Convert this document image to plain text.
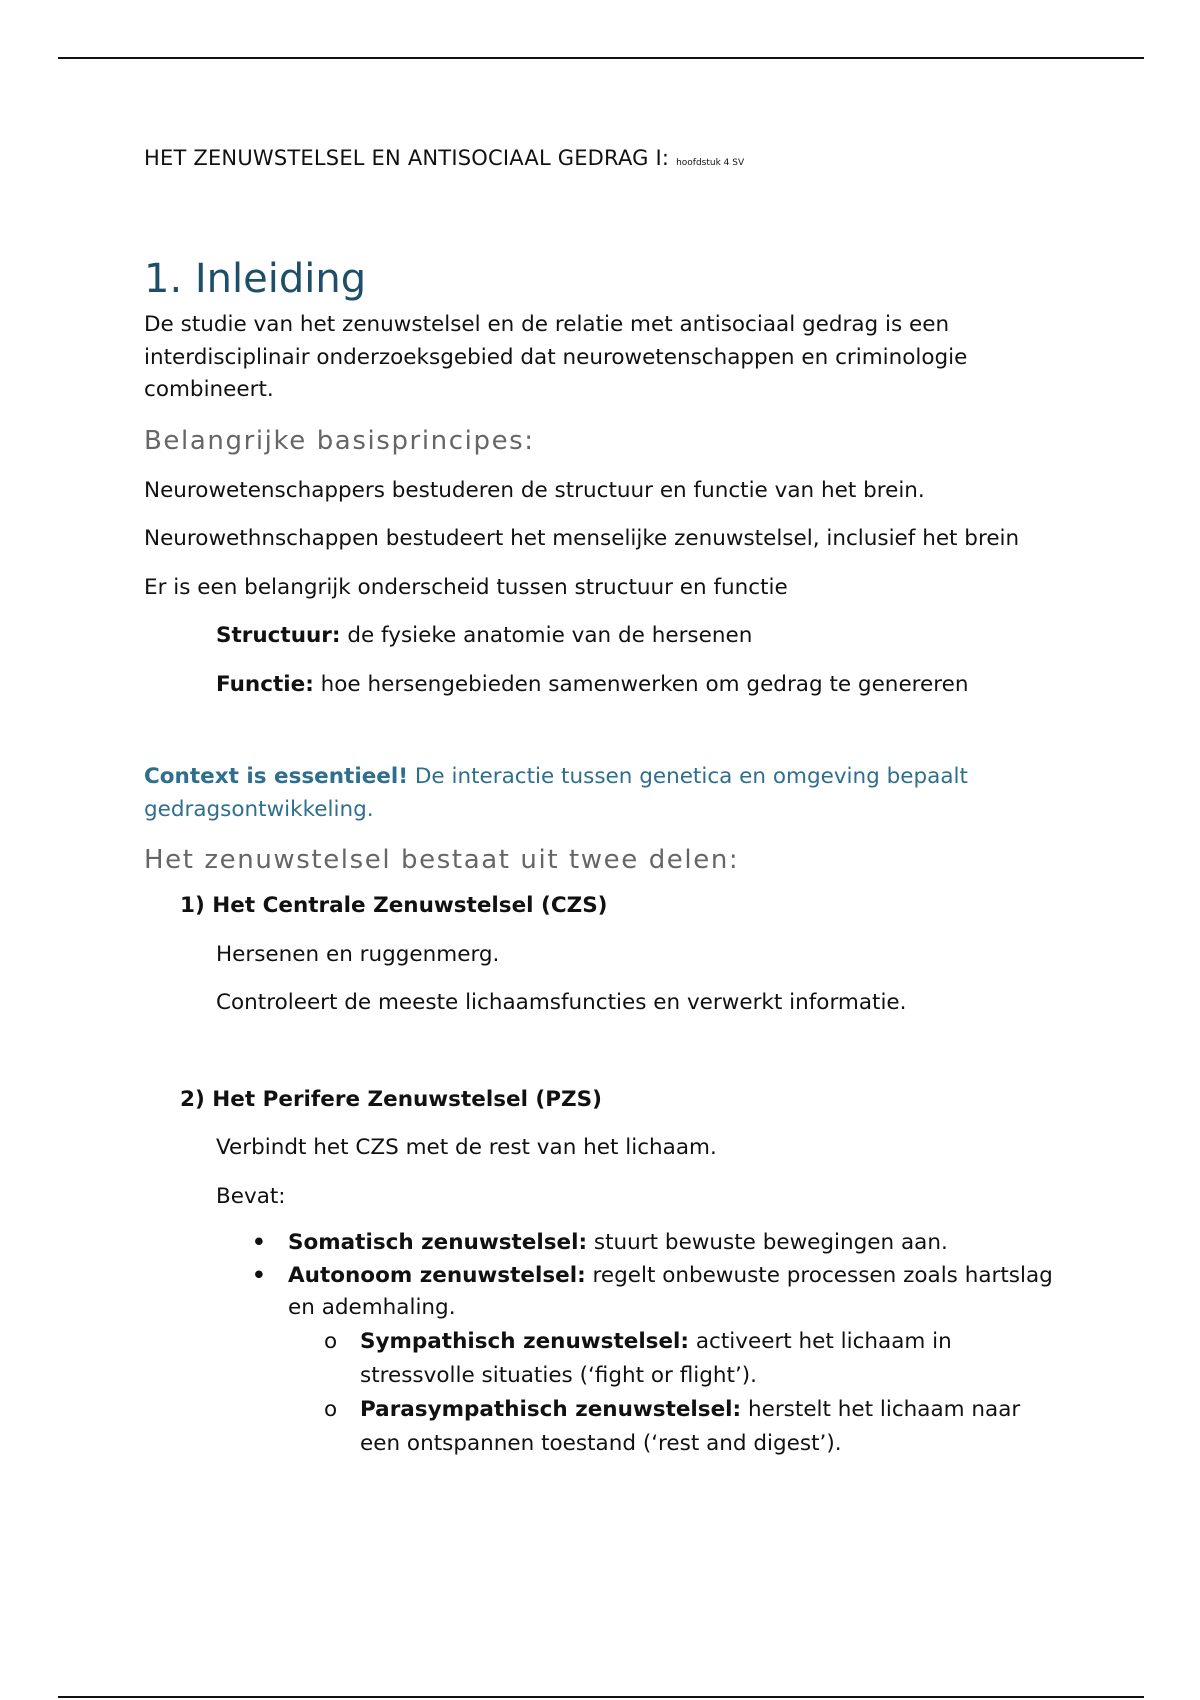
HET ZENUWSTELSEL EN ANTISOCIAAL GEDRAG I: hoofdstuk 4 SV

1. Inleiding

De studie van het zenuwstelsel en de relatie met antisociaal gedrag is een interdisciplinair onderzoeksgebied dat neurowetenschappen en criminologie combineert.

Belangrijke basisprincipes:

Neurowetenschappers bestuderen de structuur en functie van het brein.

Neurowethnschappen bestudeert het menselijke zenuwstelsel, inclusief het brein

Er is een belangrijk onderscheid tussen structuur en functie

Structuur: de fysieke anatomie van de hersenen

Functie: hoe hersengebieden samenwerken om gedrag te genereren

Context is essentieel! De interactie tussen genetica en omgeving bepaalt gedragsontwikkeling.

Het zenuwstelsel bestaat uit twee delen:

1) Het Centrale Zenuwstelsel (CZS)

Hersenen en ruggenmerg.

Controleert de meeste lichaamsfuncties en verwerkt informatie.

2) Het Perifere Zenuwstelsel (PZS)

Verbindt het CZS met de rest van het lichaam.

Bevat:

• Somatisch zenuwstelsel: stuurt bewuste bewegingen aan.
• Autonoom zenuwstelsel: regelt onbewuste processen zoals hartslag en ademhaling.
o	Sympathisch zenuwstelsel: activeert het lichaam in stressvolle situaties (‘fight or flight’).
o	Parasympathisch zenuwstelsel: herstelt het lichaam naar een ontspannen toestand (‘rest and digest’).
